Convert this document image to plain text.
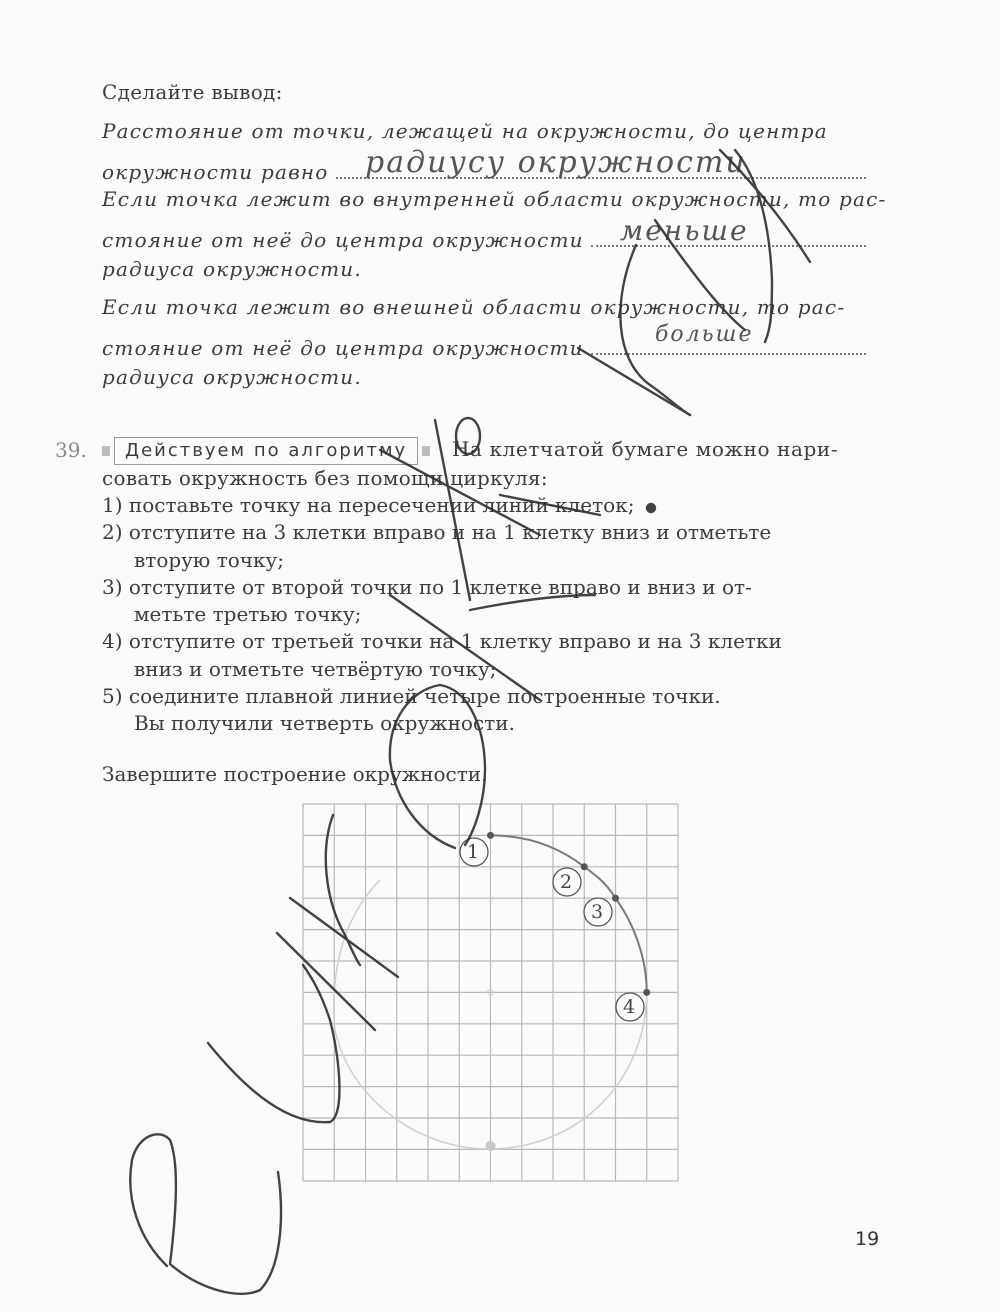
Сделайте вывод:
Расстояние от точки, лежащей на окружности, до центра
окружности равно	радиусу окружности
Если точка лежит во внутренней области окружности, то рас-
стояние от неё до центра окружности	меньше
радиуса окружности.
Если точка лежит во внешней области окружности, то рас-
стояние от неё до центра окружности
больше
радиуса окружности.
39.	Действуем по алгоритму	На клетчатой бумаге можно нари-
совать окружность без помощи циркуля:
1) поставьте точку на пересечении линий клеток;
2) отступите на 3 клетки вправо и на 1 клетку вниз и отметьте
вторую точку;
3) отступите от второй точки по 1 клетке вправо и вниз и от-
метьте третью точку;
4) отступите от третьей точки на 1 клетку вправо и на 3 клетки
вниз и отметьте четвёртую точку;
5) соедините плавной линией четыре построенные точки.
Вы получили четверть окружности.
Завершите построение окружности.
1
2
3
4
19
